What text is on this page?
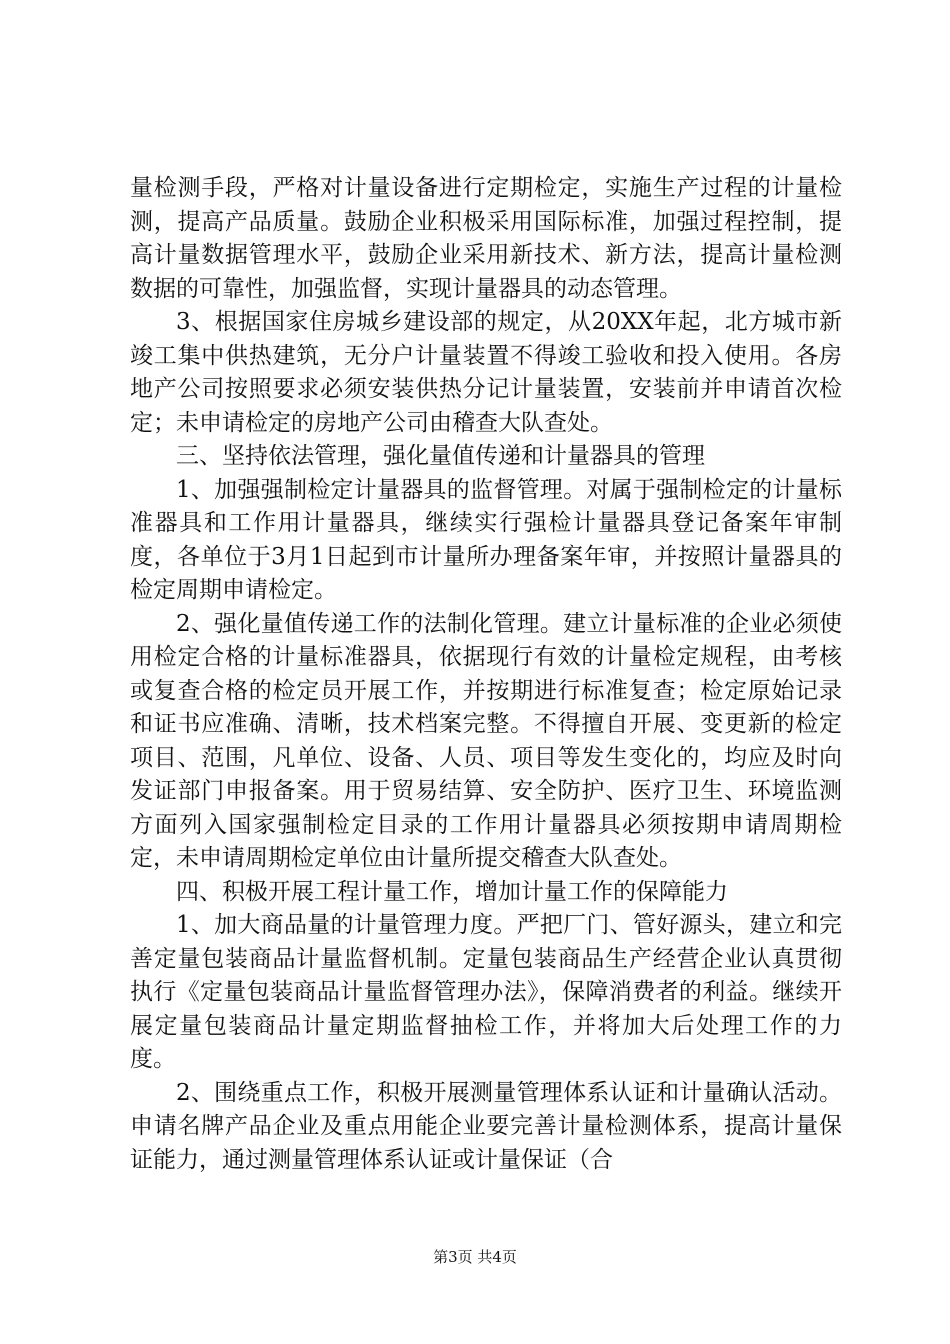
量检测手段，严格对计量设备进行定期检定，实施生产过程的计量检测，提高产品质量。鼓励企业积极采用国际标准，加强过程控制，提高计量数据管理水平，鼓励企业采用新技术、新方法，提高计量检测数据的可靠性，加强监督，实现计量器具的动态管理。

3、根据国家住房城乡建设部的规定，从20XX年起，北方城市新竣工集中供热建筑，无分户计量装置不得竣工验收和投入使用。各房地产公司按照要求必须安装供热分记计量装置，安装前并申请首次检定；未申请检定的房地产公司由稽查大队查处。

三、坚持依法管理，强化量值传递和计量器具的管理

1、加强强制检定计量器具的监督管理。对属于强制检定的计量标准器具和工作用计量器具，继续实行强检计量器具登记备案年审制度，各单位于3月1日起到市计量所办理备案年审，并按照计量器具的检定周期申请检定。

2、强化量值传递工作的法制化管理。建立计量标准的企业必须使用检定合格的计量标准器具，依据现行有效的计量检定规程，由考核或复查合格的检定员开展工作，并按期进行标准复查；检定原始记录和证书应准确、清晰，技术档案完整。不得擅自开展、变更新的检定项目、范围，凡单位、设备、人员、项目等发生变化的，均应及时向发证部门申报备案。用于贸易结算、安全防护、医疗卫生、环境监测方面列入国家强制检定目录的工作用计量器具必须按期申请周期检定，未申请周期检定单位由计量所提交稽查大队查处。

四、积极开展工程计量工作，增加计量工作的保障能力

1、加大商品量的计量管理力度。严把厂门、管好源头，建立和完善定量包装商品计量监督机制。定量包装商品生产经营企业认真贯彻执行《定量包装商品计量监督管理办法》，保障消费者的利益。继续开展定量包装商品计量定期监督抽检工作，并将加大后处理工作的力度。

2、围绕重点工作，积极开展测量管理体系认证和计量确认活动。申请名牌产品企业及重点用能企业要完善计量检测体系，提高计量保证能力，通过测量管理体系认证或计量保证（合

第3页 共4页
